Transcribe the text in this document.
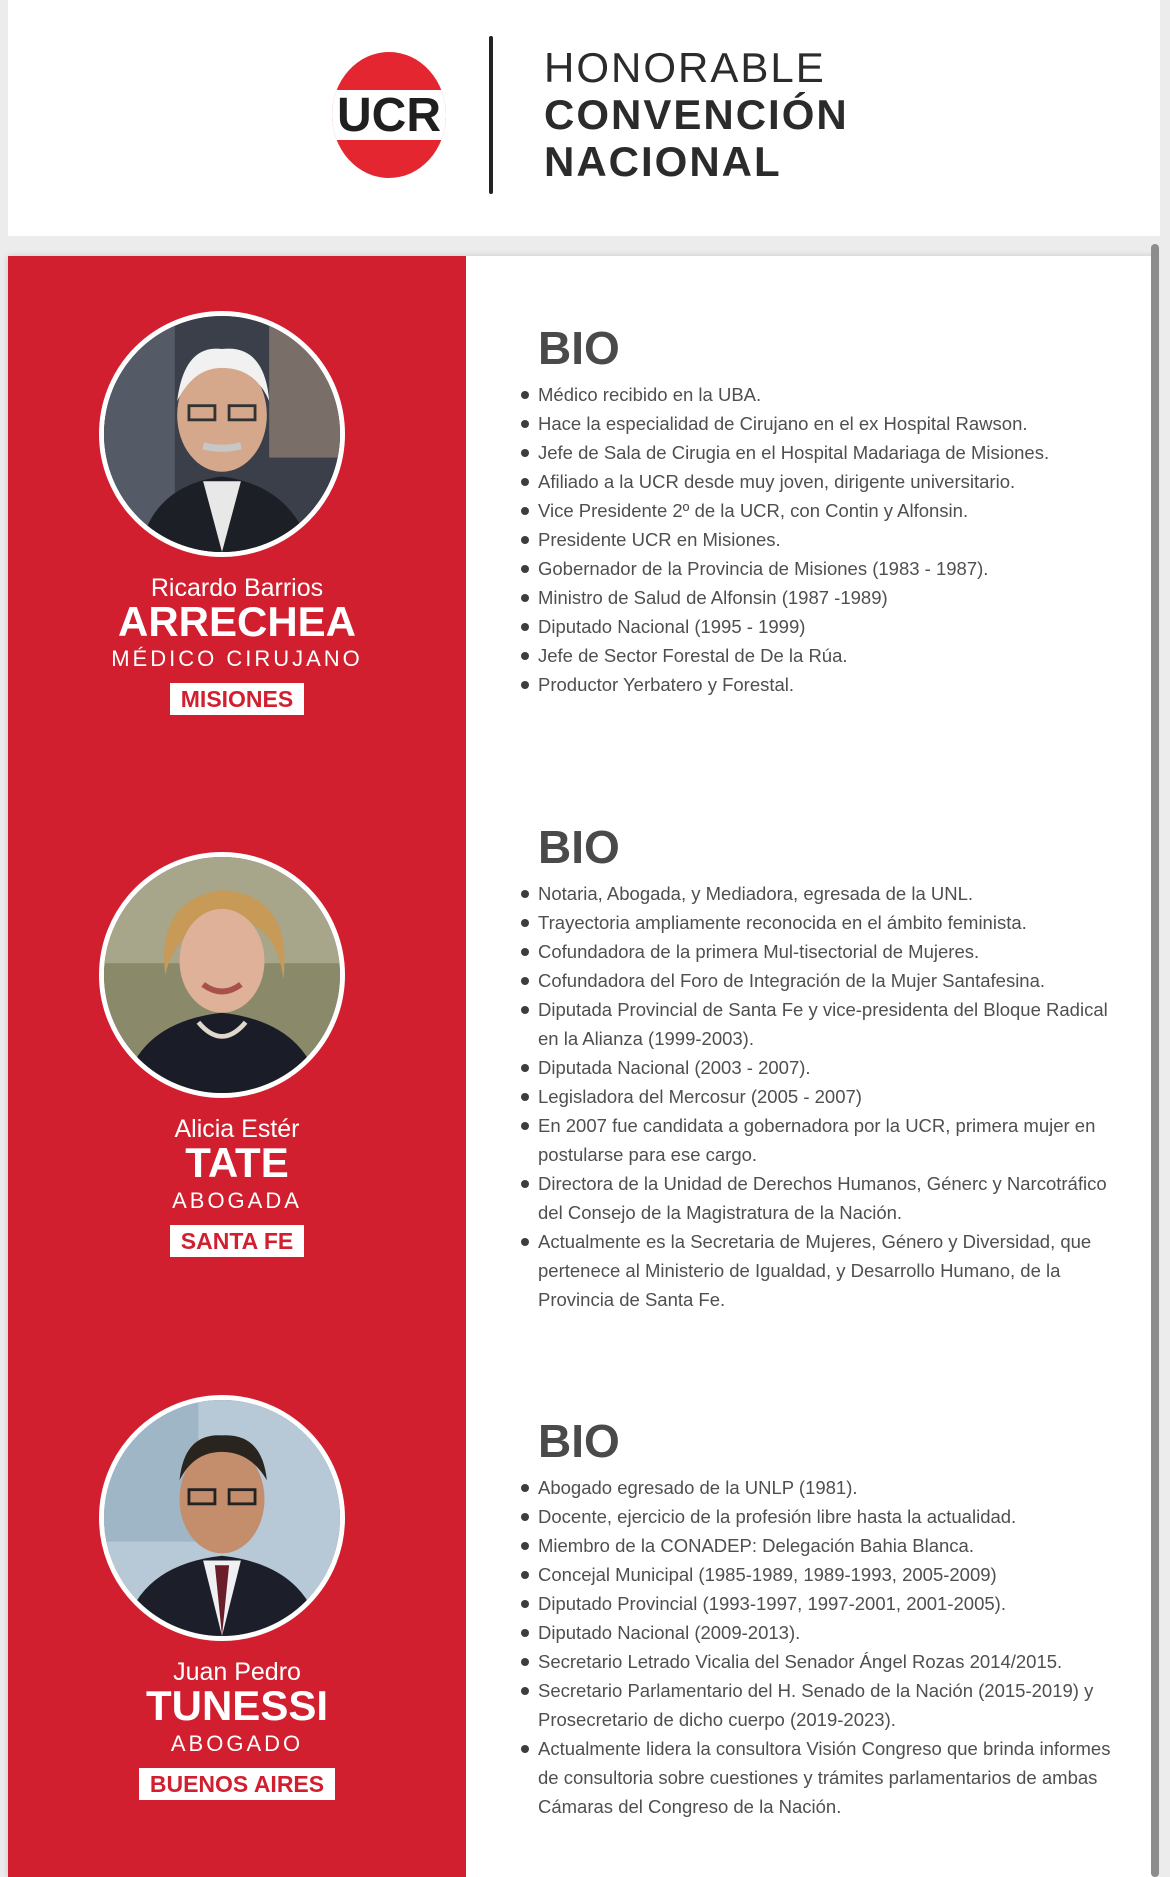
UCR
HONORABLE
CONVENCIÓN
NACIONAL
Ricardo Barrios
ARRECHEA
MÉDICO CIRUJANO
MISIONES
BIO
Médico recibido en la UBA.
Hace la especialidad de Cirujano en el ex Hospital Rawson.
Jefe de Sala de Cirugia en el Hospital Madariaga de Misiones.
Afiliado a la UCR desde muy joven, dirigente universitario.
Vice Presidente 2º de la UCR, con Contin y Alfonsin.
Presidente UCR en Misiones.
Gobernador de la Provincia de Misiones (1983 - 1987).
Ministro de Salud de Alfonsin (1987 -1989)
Diputado Nacional (1995 - 1999)
Jefe de Sector Forestal de De la Rúa.
Productor Yerbatero y Forestal.
Alicia Estér
TATE
ABOGADA
SANTA FE
BIO
Notaria, Abogada, y Mediadora, egresada de la UNL.
Trayectoria ampliamente reconocida en el ámbito feminista.
Cofundadora de la primera Mul-tisectorial de Mujeres.
Cofundadora del Foro de Integración de la Mujer Santafesina.
Diputada Provincial de Santa Fe y vice-presidenta del Bloque Radical en la Alianza (1999-2003).
Diputada Nacional (2003 - 2007).
Legisladora del Mercosur (2005 - 2007)
En 2007 fue candidata a gobernadora por la UCR, primera mujer en postularse para ese cargo.
Directora de la Unidad de Derechos Humanos, Génerc y Narcotráfico del Consejo de la Magistratura de la Nación.
Actualmente es la Secretaria de Mujeres, Género y Diversidad, que pertenece al Ministerio de Igualdad, y Desarrollo Humano, de la Provincia de Santa Fe.
Juan Pedro
TUNESSI
ABOGADO
BUENOS AIRES
BIO
Abogado egresado de la UNLP (1981).
Docente, ejercicio de la profesión libre hasta la actualidad.
Miembro de la CONADEP: Delegación Bahia Blanca.
Concejal Municipal (1985-1989, 1989-1993, 2005-2009)
Diputado Provincial (1993-1997, 1997-2001, 2001-2005).
Diputado Nacional (2009-2013).
Secretario Letrado Vicalia del Senador Ángel Rozas 2014/2015.
Secretario Parlamentario del H. Senado de la Nación (2015-2019) y Prosecretario de dicho cuerpo (2019-2023).
Actualmente lidera la consultora Visión Congreso que brinda informes de consultoria sobre cuestiones y trámites parlamentarios de ambas Cámaras del Congreso de la Nación.
